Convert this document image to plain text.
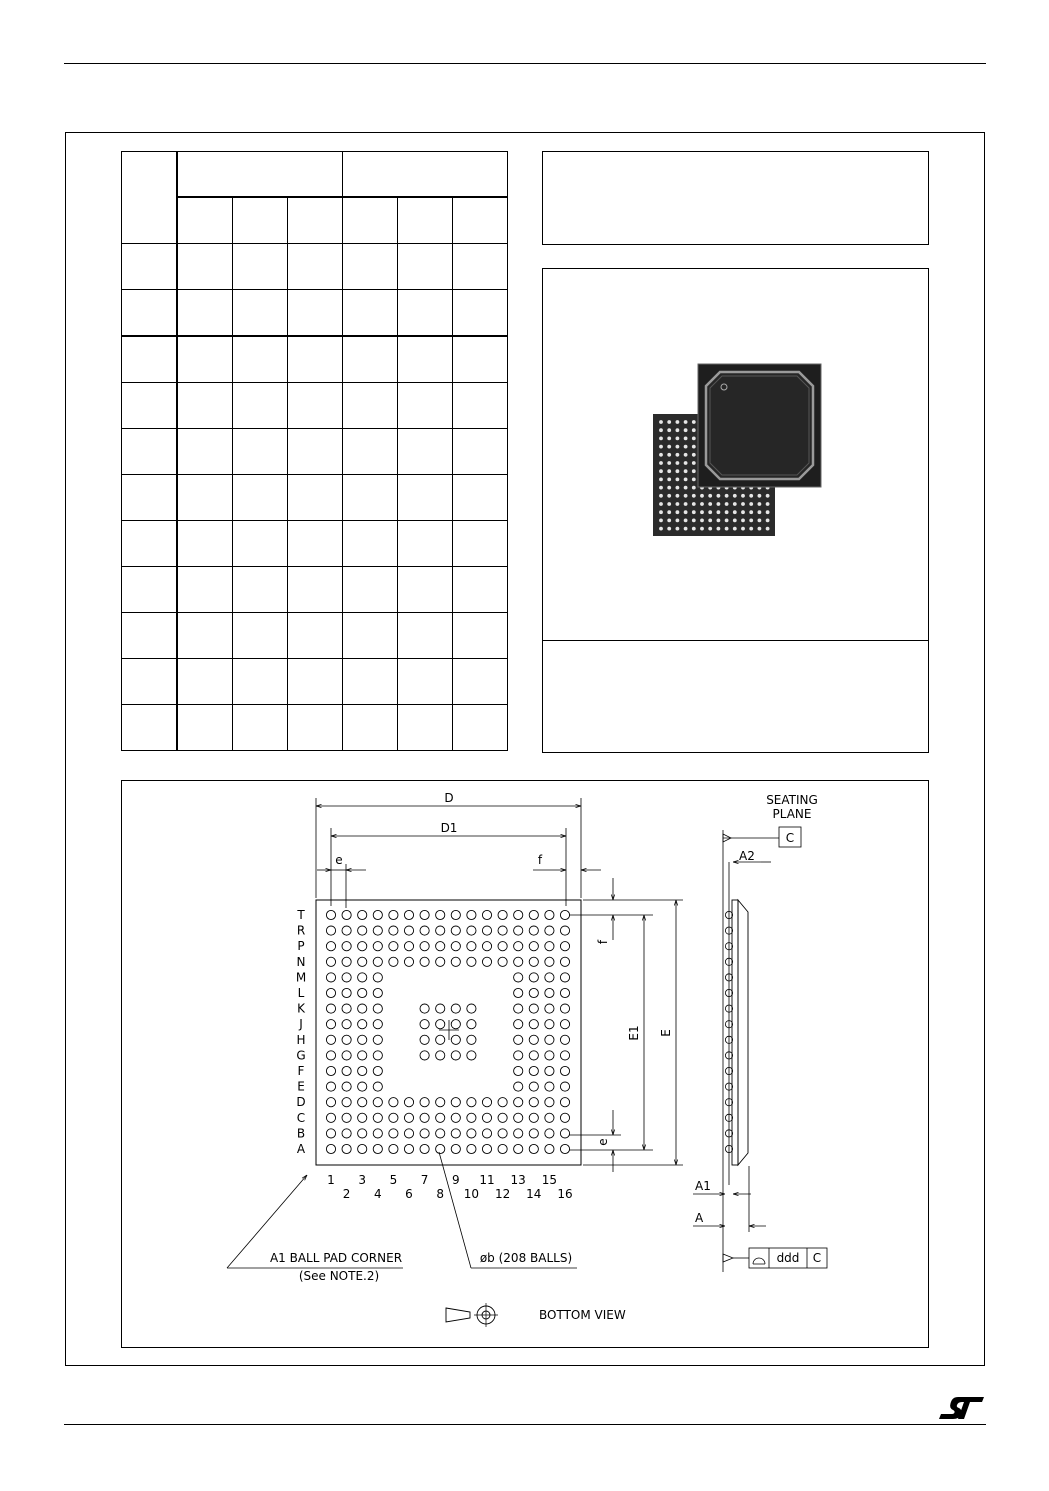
T
R
P
N
M
L
K
J
H
G
F
E
D
C
B
A
1
2
3
4
5
6
7
8
9
10
11
12
13
14
15
16
D
D1
e	f
E
E1
f
e
A1 BALL PAD CORNER
(See NOTE.2)
øb (208 BALLS)
BOTTOM VIEW
C
SEATING
PLANE
A2
A1
A
ddd C
